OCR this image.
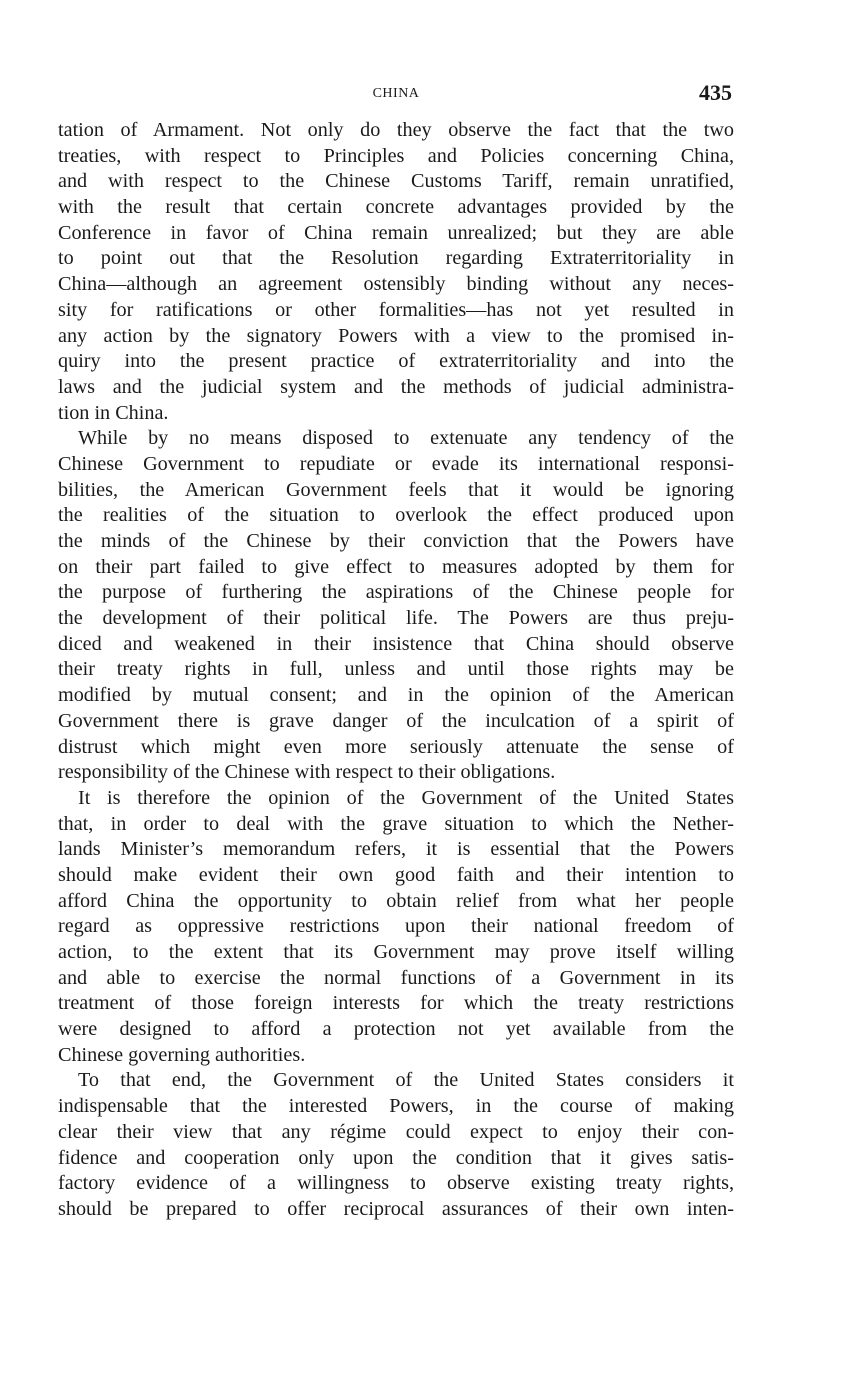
CHINA	435
tation of Armament. Not only do they observe the fact that the two
treaties, with respect to Principles and Policies concerning China,
and with respect to the Chinese Customs Tariff, remain unratified,
with the result that certain concrete advantages provided by the
Conference in favor of China remain unrealized; but they are able
to point out that the Resolution regarding Extraterritoriality in
China—although an agreement ostensibly binding without any neces-
sity for ratifications or other formalities—has not yet resulted in
any action by the signatory Powers with a view to the promised in-
quiry into the present practice of extraterritoriality and into the
laws and the judicial system and the methods of judicial administra-
tion in China.
While by no means disposed to extenuate any tendency of the
Chinese Government to repudiate or evade its international responsi-
bilities, the American Government feels that it would be ignoring
the realities of the situation to overlook the effect produced upon
the minds of the Chinese by their conviction that the Powers have
on their part failed to give effect to measures adopted by them for
the purpose of furthering the aspirations of the Chinese people for
the development of their political life. The Powers are thus preju-
diced and weakened in their insistence that China should observe
their treaty rights in full, unless and until those rights may be
modified by mutual consent; and in the opinion of the American
Government there is grave danger of the inculcation of a spirit of
distrust which might even more seriously attenuate the sense of
responsibility of the Chinese with respect to their obligations.
It is therefore the opinion of the Government of the United States
that, in order to deal with the grave situation to which the Nether-
lands Minister’s memorandum refers, it is essential that the Powers
should make evident their own good faith and their intention to
afford China the opportunity to obtain relief from what her people
regard as oppressive restrictions upon their national freedom of
action, to the extent that its Government may prove itself willing
and able to exercise the normal functions of a Government in its
treatment of those foreign interests for which the treaty restrictions
were designed to afford a protection not yet available from the
Chinese governing authorities.
To that end, the Government of the United States considers it
indispensable that the interested Powers, in the course of making
clear their view that any régime could expect to enjoy their con-
fidence and cooperation only upon the condition that it gives satis-
factory evidence of a willingness to observe existing treaty rights,
should be prepared to offer reciprocal assurances of their own inten-
